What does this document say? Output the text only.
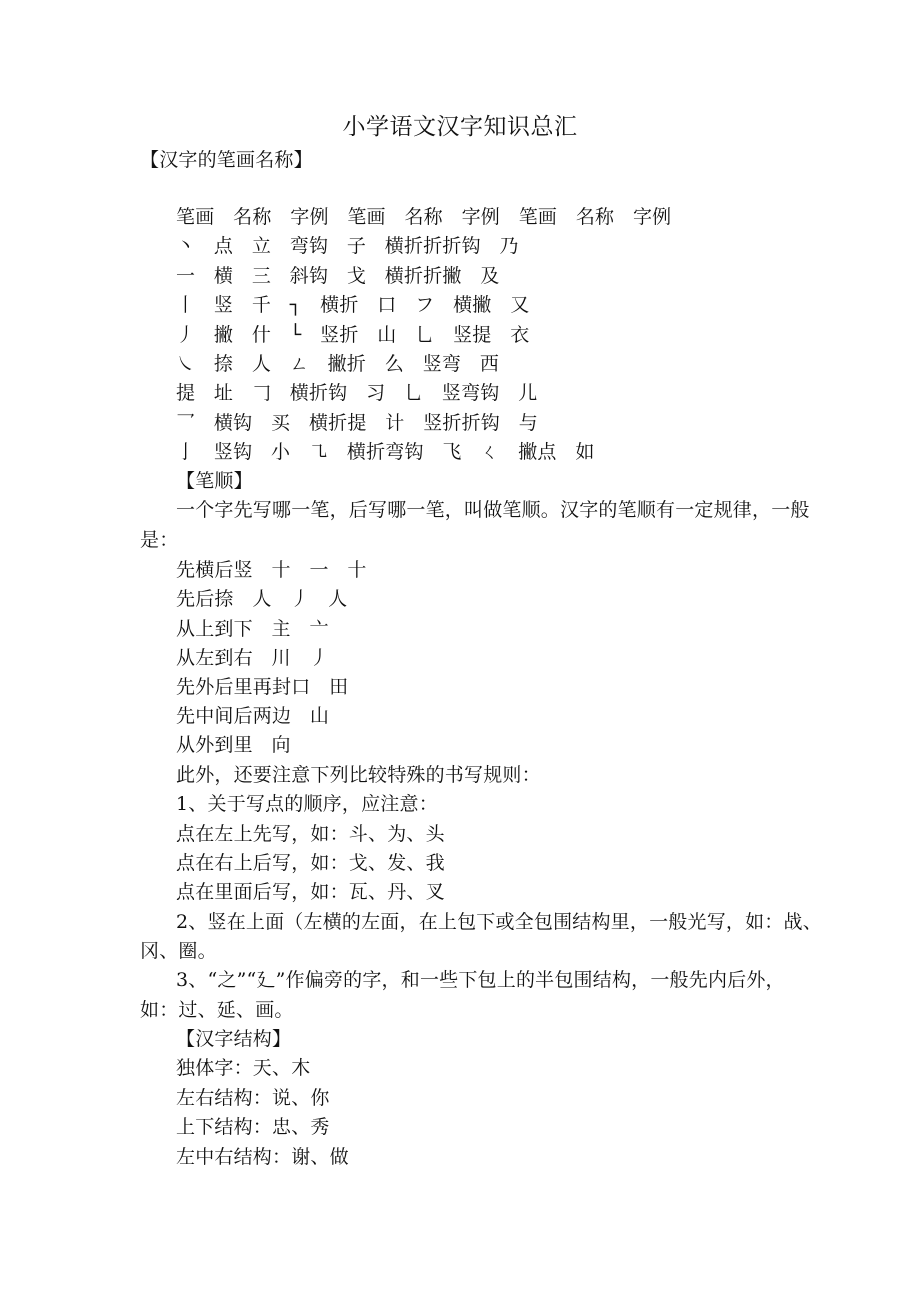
小学语文汉字知识总汇
【汉字的笔画名称】
笔画   名称   字例   笔画   名称   字例   笔画   名称   字例
丶   点   立   弯钩   子   横折折折钩   乃
一   横   三   斜钩   戈   横折折撇   及
丨   竖   千   ┐   横折   口   フ   横撇   又
丿   撇   什   └   竖折   山   乚   竖提   衣
㇏   捺   人   ㄥ   撇折   么   竖弯   西
提   址   𠃌   横折钩   习   乚   竖弯钩   儿
乛   横钩   买   横折提   计   竖折折钩   与
亅   竖钩   小   ㇈   横折弯钩   飞   ㄑ   撇点   如
【笔顺】
一个字先写哪一笔，后写哪一笔，叫做笔顺。汉字的笔顺有一定规律，一般
是：
先横后竖   十   一   十
先后捺   人   丿   人
从上到下   主   亠
从左到右   川   丿
先外后里再封口   田
先中间后两边   山
从外到里   向
此外，还要注意下列比较特殊的书写规则：
1、关于写点的顺序，应注意：
点在左上先写，如：斗、为、头
点在右上后写，如：戈、发、我
点在里面后写，如：瓦、丹、叉
2、竖在上面（左横的左面，在上包下或全包围结构里，一般光写，如：战、
冈、圈。
3、“之”“廴”作偏旁的字，和一些下包上的半包围结构，一般先内后外，
如：过、延、画。
【汉字结构】
独体字：天、木
左右结构：说、你
上下结构：忠、秀
左中右结构：谢、做
